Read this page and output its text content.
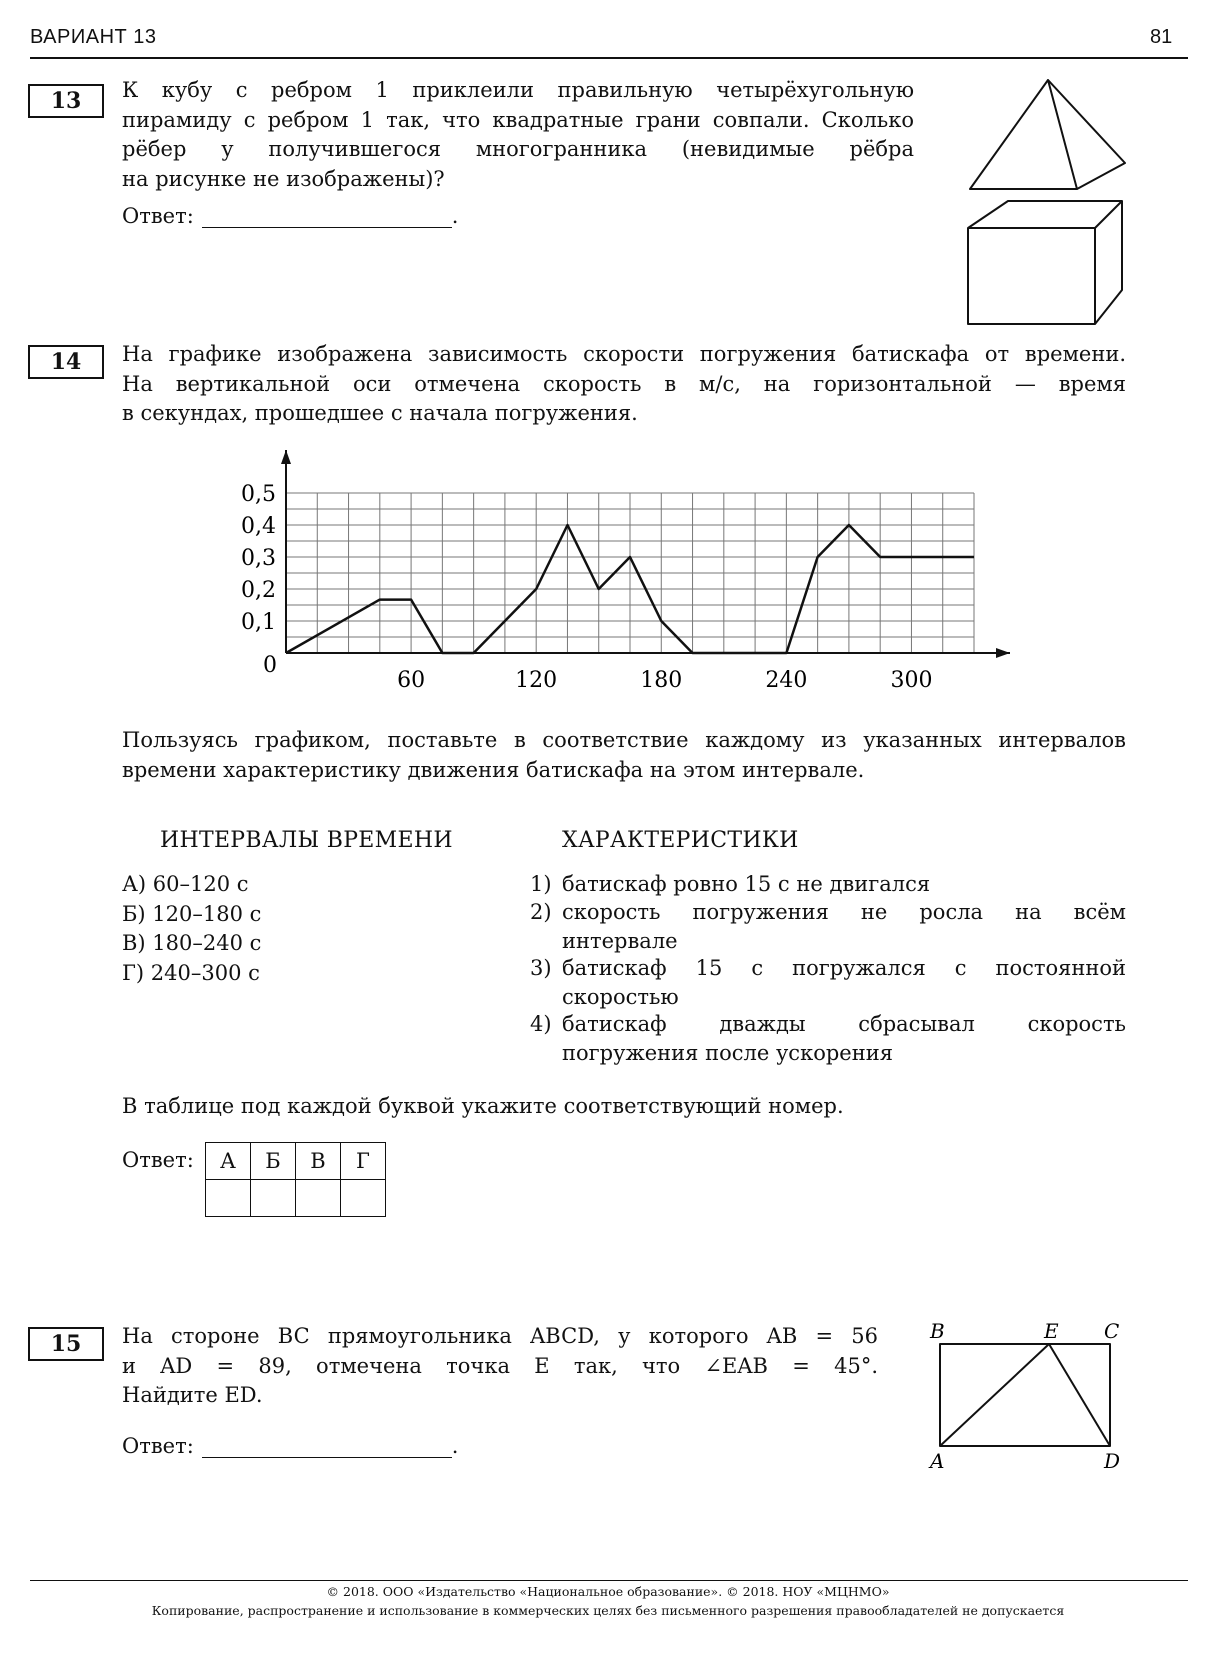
ВАРИАНТ 13	81
13	К кубу с ребром 1 приклеили правильную четырёхугольную
пирамиду с ребром 1 так, что квадратные грани совпали. Сколько
рёбер у получившегося многогранника (невидимые рёбра
на рисунке не изображены)?
Ответ:	.
14	На графике изображена зависимость скорости погружения батискафа от времени.
На вертикальной оси отмечена скорость в м/с, на горизонтальной — время
в секундах, прошедшее с начала погружения.
60	120	180	240	300
0,1
0,2
0,3
0,4
0,5
0
Пользуясь графиком, поставьте в соответствие каждому из указанных интервалов
времени характеристику движения батискафа на этом интервале.
ИНТЕРВАЛЫ ВРЕМЕНИ	ХАРАКТЕРИСТИКИ
А) 60–120 с
Б) 120–180 с
В) 180–240 с
Г) 240–300 с
1) батискаф ровно 15 с не двигался
2) скорость погружения не росла на всём
интервале
3) батискаф 15 с погружался с постоянной
скоростью
4) батискаф дважды сбрасывал скорость
погружения после ускорения
В таблице под каждой буквой укажите соответствующий номер.
Ответ: А	Б	В	Г

15	На стороне BC прямоугольника ABCD, у которого AB = 56
и AD = 89, отмечена точка E так, что ∠EAB = 45°.
Найдите ED.
Ответ:	.
B	E C
A	D
© 2018. ООО «Издательство «Национальное образование». © 2018. НОУ «МЦНМО»
Копирование, распространение и использование в коммерческих целях без письменного разрешения правообладателей не допускается
